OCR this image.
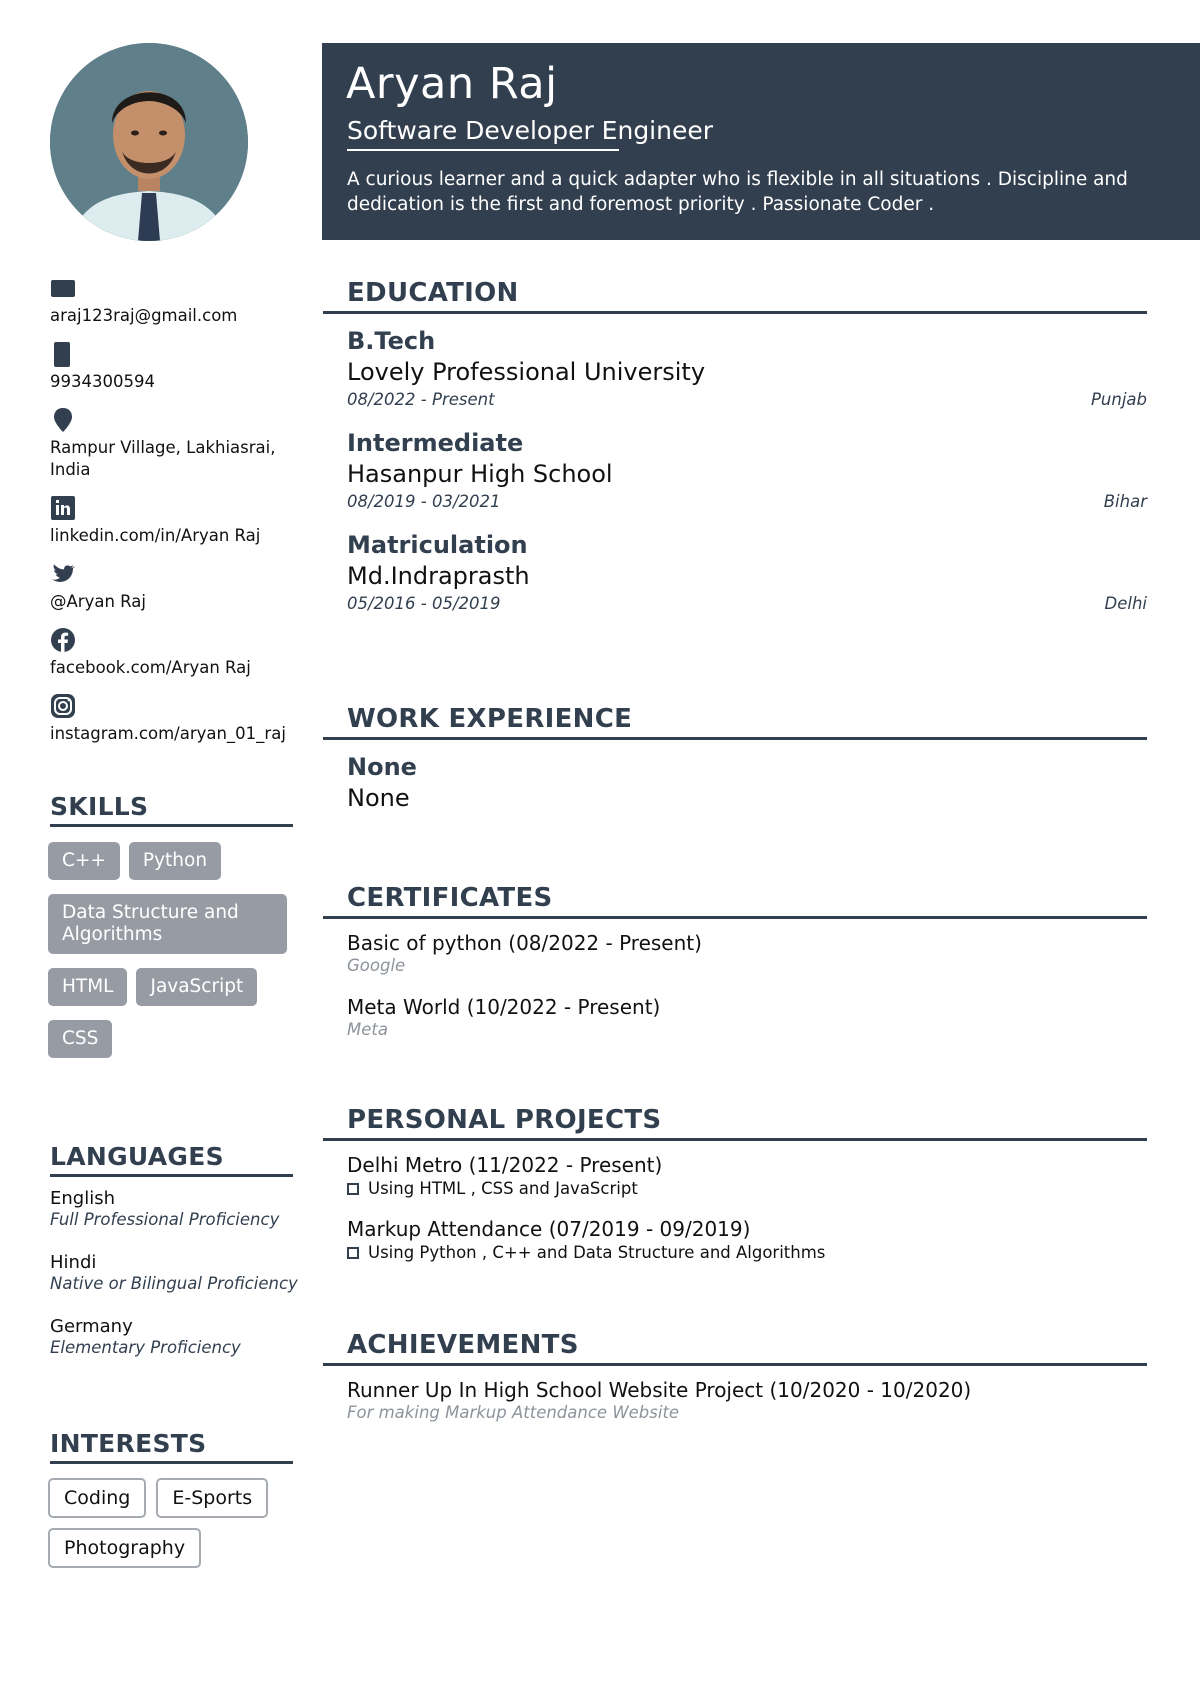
araj123raj@gmail.com
9934300594
Rampur Village, Lakhiasrai, India
linkedin.com/in/Aryan Raj
@Aryan Raj
facebook.com/Aryan Raj
instagram.com/aryan_01_raj
SKILLS
C++	Python
Data Structure and Algorithms
HTML	JavaScript
CSS
LANGUAGES
English
Full Professional Proficiency
Hindi
Native or Bilingual Proficiency
Germany
Elementary Proficiency
INTERESTS
Coding	E-Sports
Photography
Aryan Raj
Software Developer Engineer
A curious learner and a quick adapter who is flexible in all situations . Discipline and dedication is the first and foremost priority . Passionate Coder .
EDUCATION
B.Tech
Lovely Professional University
08/2022 - Present	Punjab
Intermediate
Hasanpur High School
08/2019 - 03/2021	Bihar
Matriculation
Md.Indraprasth
05/2016 - 05/2019	Delhi
WORK EXPERIENCE
None
None
CERTIFICATES
Basic of python (08/2022 - Present)
Google
Meta World (10/2022 - Present)
Meta
PERSONAL PROJECTS
Delhi Metro (11/2022 - Present)
Using HTML , CSS and JavaScript
Markup Attendance (07/2019 - 09/2019)
Using Python , C++ and Data Structure and Algorithms
ACHIEVEMENTS
Runner Up In High School Website Project (10/2020 - 10/2020)
For making Markup Attendance Website
